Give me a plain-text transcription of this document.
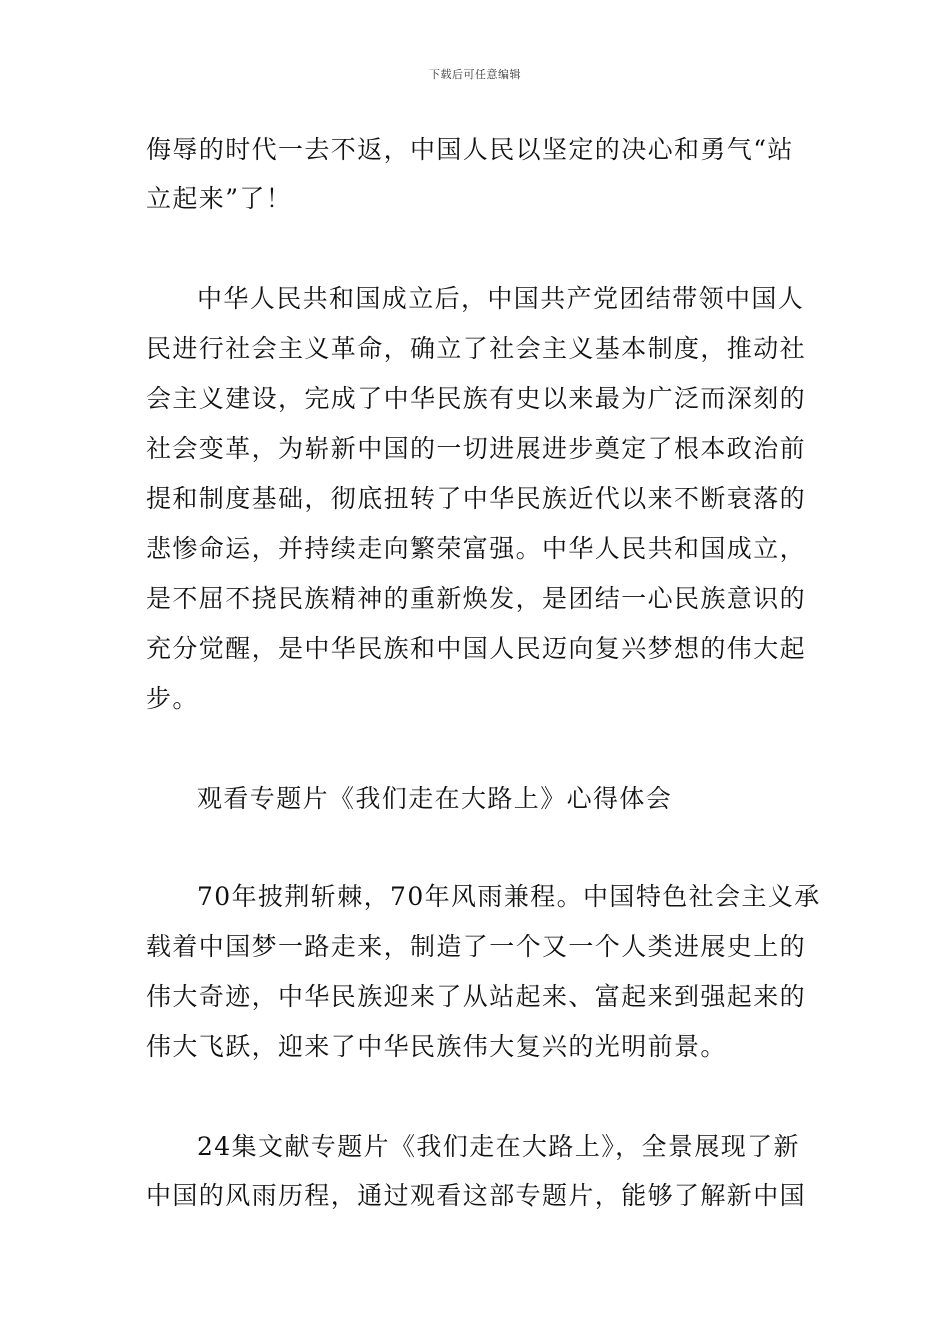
下载后可任意编辑
侮辱的时代一去不返，中国人民以坚定的决心和勇气“站
立起来”了！
中华人民共和国成立后，中国共产党团结带领中国人
民进行社会主义革命，确立了社会主义基本制度，推动社
会主义建设，完成了中华民族有史以来最为广泛而深刻的
社会变革，为崭新中国的一切进展进步奠定了根本政治前
提和制度基础，彻底扭转了中华民族近代以来不断衰落的
悲惨命运，并持续走向繁荣富强。中华人民共和国成立，
是不屈不挠民族精神的重新焕发，是团结一心民族意识的
充分觉醒，是中华民族和中国人民迈向复兴梦想的伟大起
步。
观看专题片《我们走在大路上》心得体会
70年披荆斩棘，70年风雨兼程。中国特色社会主义承
载着中国梦一路走来，制造了一个又一个人类进展史上的
伟大奇迹，中华民族迎来了从站起来、富起来到强起来的
伟大飞跃，迎来了中华民族伟大复兴的光明前景。
24集文献专题片《我们走在大路上》，全景展现了新
中国的风雨历程，通过观看这部专题片，能够了解新中国
